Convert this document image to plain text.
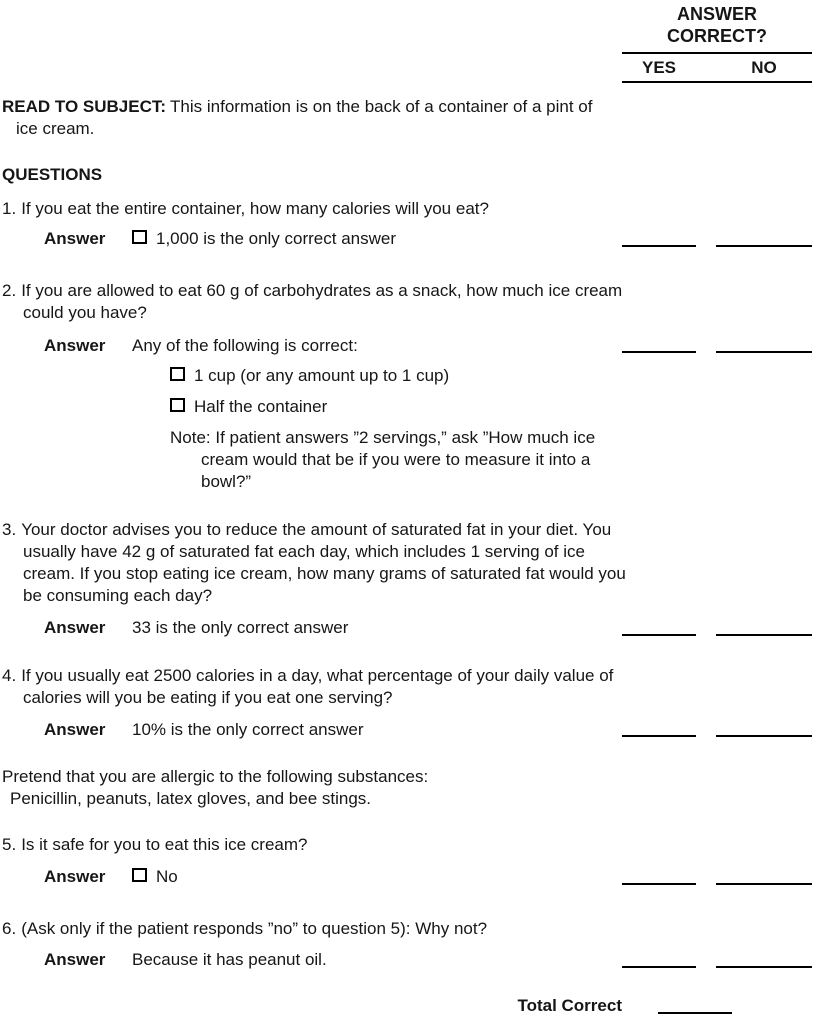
ANSWER
CORRECT?
YES	NO
READ TO SUBJECT: This information is on the back of a container of a pint of ice cream.
QUESTIONS
1. If you eat the entire container, how many calories will you eat?
Answer	1,000 is the only correct answer
2. If you are allowed to eat 60 g of carbohydrates as a snack, how much ice cream could you have?
Answer Any of the following is correct:
1 cup (or any amount up to 1 cup)
Half the container
Note: If patient answers ”2 servings,” ask ”How much ice cream would that be if you were to measure it into a bowl?”
3. Your doctor advises you to reduce the amount of saturated fat in your diet. You usually have 42 g of saturated fat each day, which includes 1 serving of ice cream. If you stop eating ice cream, how many grams of saturated fat would you be consuming each day?
Answer 33 is the only correct answer
4. If you usually eat 2500 calories in a day, what percentage of your daily value of calories will you be eating if you eat one serving?
Answer 10% is the only correct answer
Pretend that you are allergic to the following substances:
Penicillin, peanuts, latex gloves, and bee stings.
5. Is it safe for you to eat this ice cream?
Answer	No
6. (Ask only if the patient responds ”no” to question 5): Why not?
Answer Because it has peanut oil.
Total Correct
